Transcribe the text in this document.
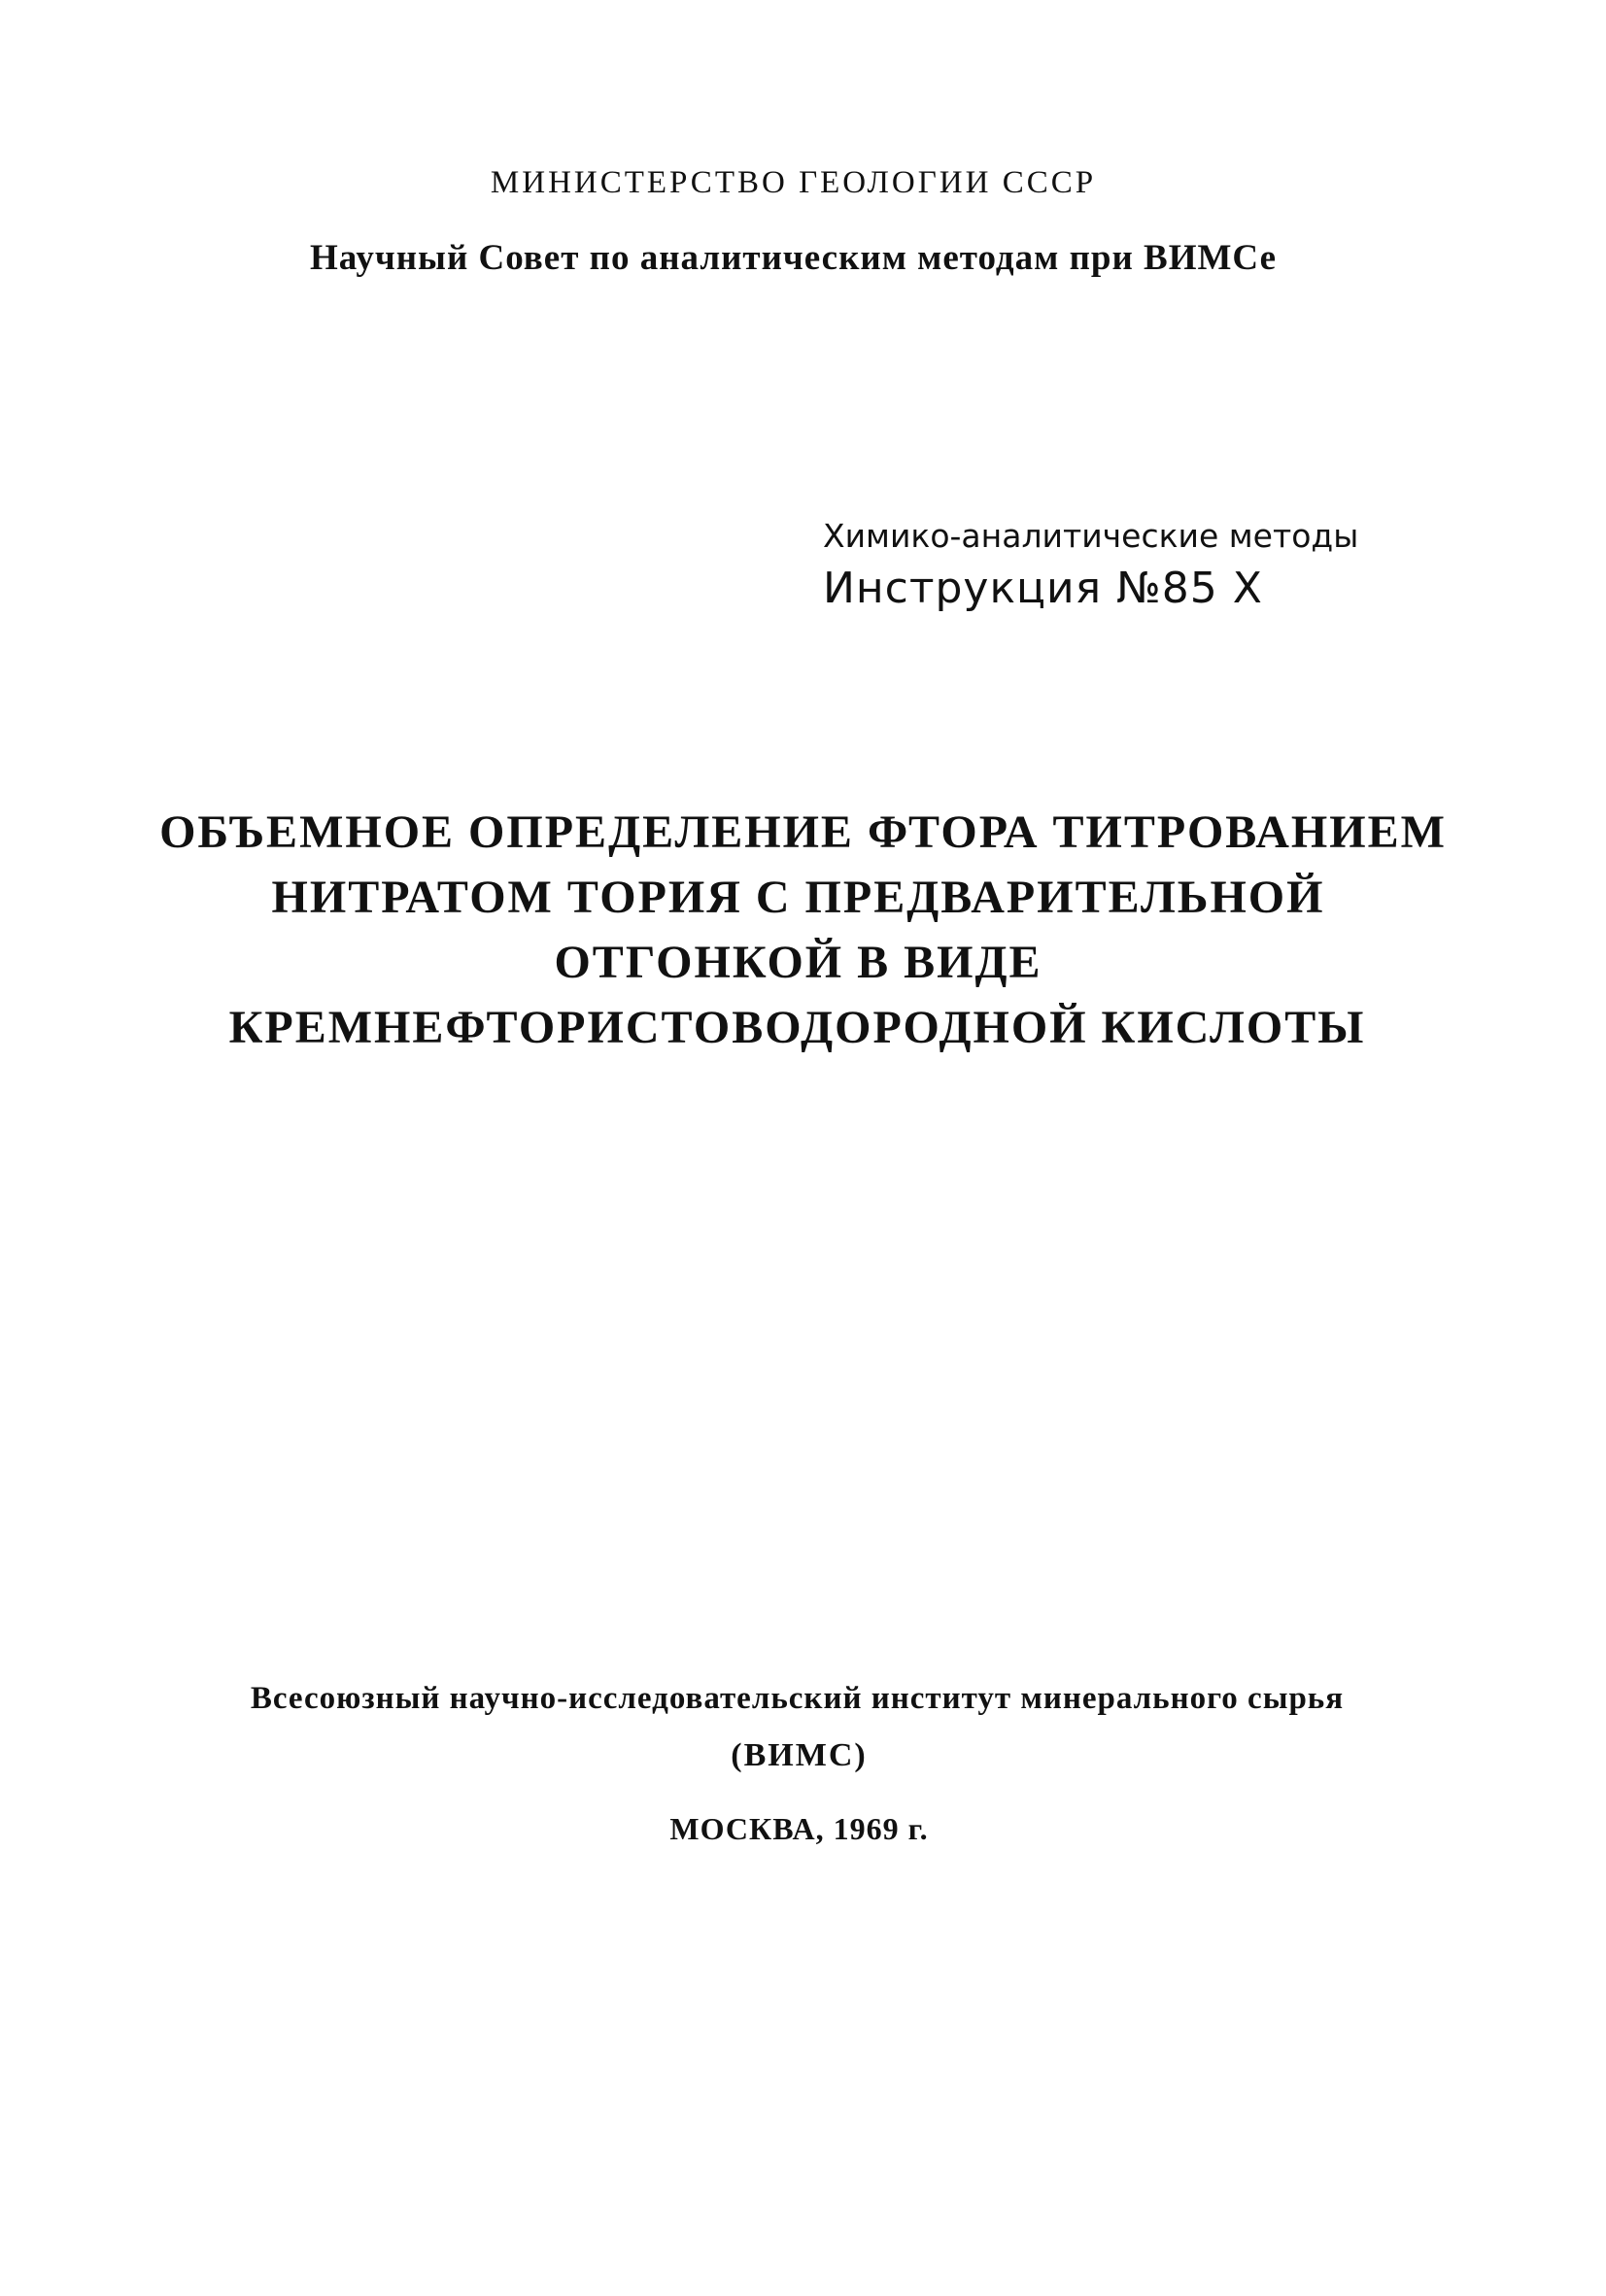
МИНИСТЕРСТВО ГЕОЛОГИИ СССР
Научный Совет по аналитическим методам при ВИМСе
Химико-аналитические методы
Инструкция №85 Х
ОБЪЕМНОЕ ОПРЕДЕЛЕНИЕ ФТОРА ТИТРОВАНИЕМ
НИТРАТОМ ТОРИЯ С ПРЕДВАРИТЕЛЬНОЙ
ОТГОНКОЙ В ВИДЕ
КРЕМНЕФТОРИСТОВОДОРОДНОЙ КИСЛОТЫ
Всесоюзный научно-исследовательский институт минерального сырья
(ВИМС)
МОСКВА, 1969 г.
